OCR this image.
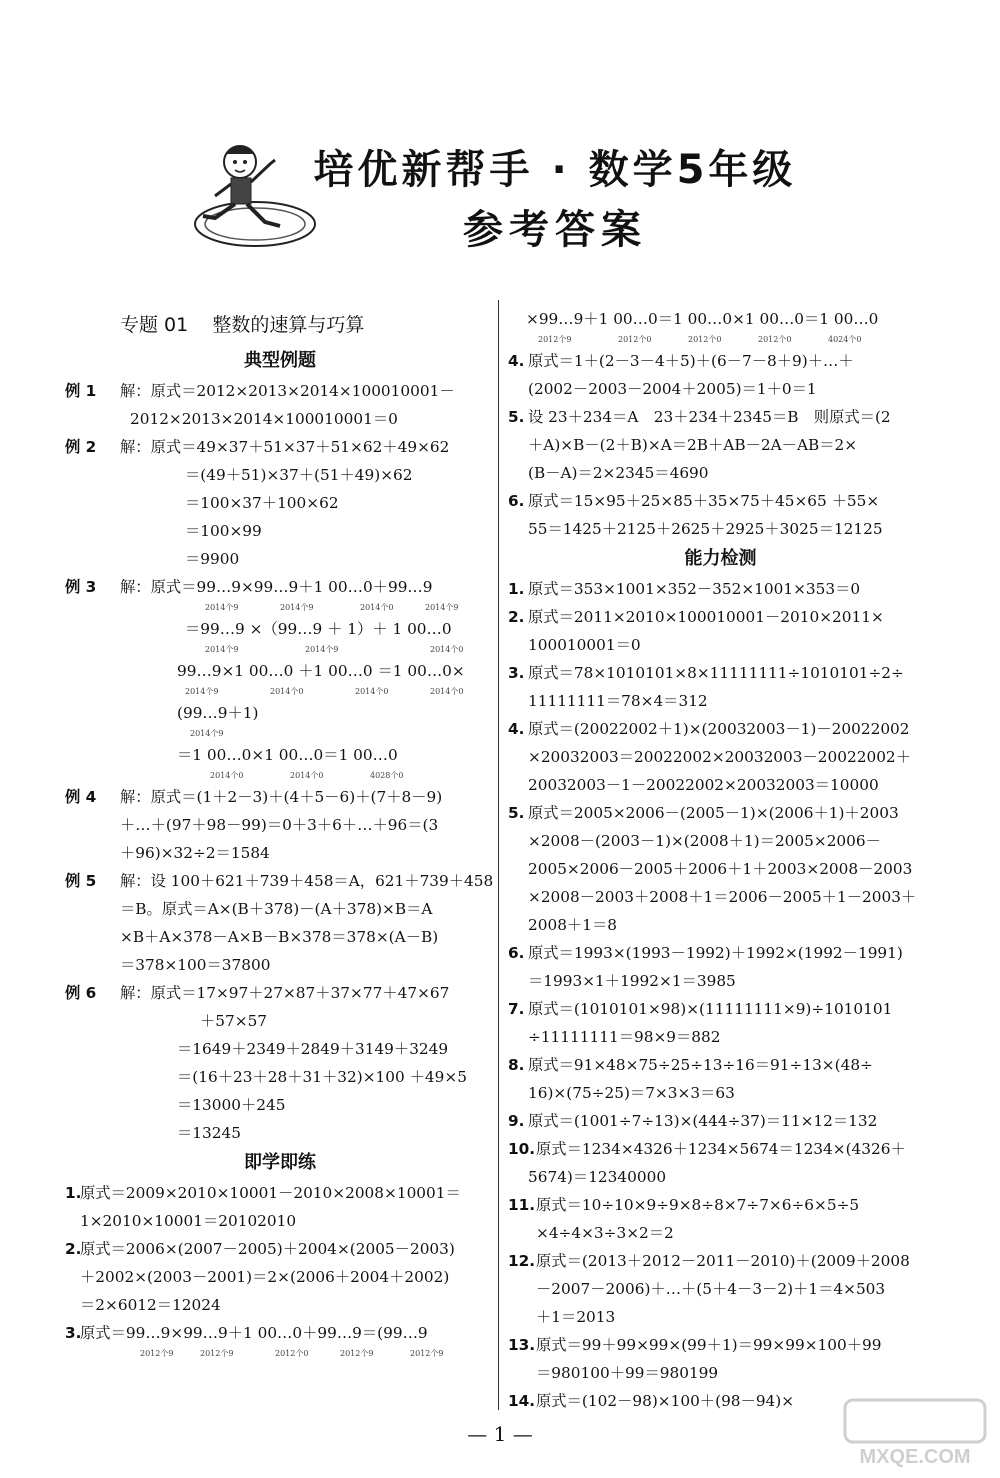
培优新帮手 · 数学5年级
参考答案
专题 01 整数的速算与巧算
典型例题
例 1 解：原式＝2012×2013×2014×100010001－
2012×2013×2014×100010001＝0
例 2 解：原式＝49×37＋51×37＋51×62＋49×62
＝(49＋51)×37＋(51＋49)×62
＝100×37＋100×62
＝100×99
＝9900
例 3 解：原式＝99…9×99…9＋1 00…0＋99…9
2014个9	2014个9	2014个0	2014个9
＝99…9 ×（99…9 ＋ 1）＋ 1 00…0
2014个9	2014个9	2014个0
99…9×1 00…0 ＋1 00…0 ＝1 00…0×
2014个9	2014个0	2014个0	2014个0
(99…9＋1)
2014个9
＝1 00…0×1 00…0＝1 00…0
2014个0	2014个0	4028个0
例 4 解：原式＝(1＋2－3)＋(4＋5－6)＋(7＋8－9)
＋…＋(97＋98－99)＝0＋3＋6＋…＋96＝(3
＋96)×32÷2＝1584
例 5 解：设 100＋621＋739＋458＝A，621＋739＋458
＝B。原式＝A×(B＋378)－(A＋378)×B＝A
×B＋A×378－A×B－B×378＝378×(A－B)
＝378×100＝37800
例 6 解：原式＝17×97＋27×87＋37×77＋47×67
＋57×57
＝1649＋2349＋2849＋3149＋3249
＝(16＋23＋28＋31＋32)×100 ＋49×5
＝13000＋245
＝13245
即学即练
1.
原式＝2009×2010×10001－2010×2008×10001＝
1×2010×10001＝20102010
2.
原式＝2006×(2007－2005)＋2004×(2005－2003)
＋2002×(2003－2001)＝2×(2006＋2004＋2002)
＝2×6012＝12024
3.
原式＝99…9×99…9＋1 00…0＋99…9＝(99…9
2012个9	2012个9	2012个0	2012个9	2012个9
×99…9＋1 00…0＝1 00…0×1 00…0＝1 00…0
2012个9	2012个0	2012个0	2012个0	4024个0
4. 原式＝1＋(2－3－4＋5)＋(6－7－8＋9)＋…＋
(2002－2003－2004＋2005)＝1＋0＝1
5. 设 23＋234＝A　23＋234＋2345＝B　则原式＝(2
＋A)×B－(2＋B)×A＝2B＋AB－2A－AB＝2×
(B－A)＝2×2345＝4690
6. 原式＝15×95＋25×85＋35×75＋45×65 ＋55×
55＝1425＋2125＋2625＋2925＋3025＝12125
能力检测
1. 原式＝353×1001×352－352×1001×353＝0
2. 原式＝2011×2010×100010001－2010×2011×
100010001＝0
3. 原式＝78×1010101×8×11111111÷1010101÷2÷
11111111＝78×4＝312
4. 原式＝(20022002＋1)×(20032003－1)－20022002
×20032003＝20022002×20032003－20022002＋
20032003－1－20022002×20032003＝10000
5. 原式＝2005×2006－(2005－1)×(2006＋1)＋2003
×2008－(2003－1)×(2008＋1)＝2005×2006－
2005×2006－2005＋2006＋1＋2003×2008－2003
×2008－2003＋2008＋1＝2006－2005＋1－2003＋
2008＋1＝8
6. 原式＝1993×(1993－1992)＋1992×(1992－1991)
＝1993×1＋1992×1＝3985
7. 原式＝(1010101×98)×(11111111×9)÷1010101
÷11111111＝98×9＝882
8. 原式＝91×48×75÷25÷13÷16＝91÷13×(48÷
16)×(75÷25)＝7×3×3＝63
9. 原式＝(1001÷7÷13)×(444÷37)＝11×12＝132
10. 原式＝1234×4326＋1234×5674＝1234×(4326＋
5674)＝12340000
11. 原式＝10÷10×9÷9×8÷8×7÷7×6÷6×5÷5
×4÷4×3÷3×2＝2
12. 原式＝(2013＋2012－2011－2010)＋(2009＋2008
－2007－2006)＋…＋(5＋4－3－2)＋1＝4×503
＋1＝2013
13. 原式＝99＋99×99×(99＋1)＝99×99×100＋99
＝980100＋99＝980199
14. 原式＝(102－98)×100＋(98－94)×
— 1 —
MXQE.COM
